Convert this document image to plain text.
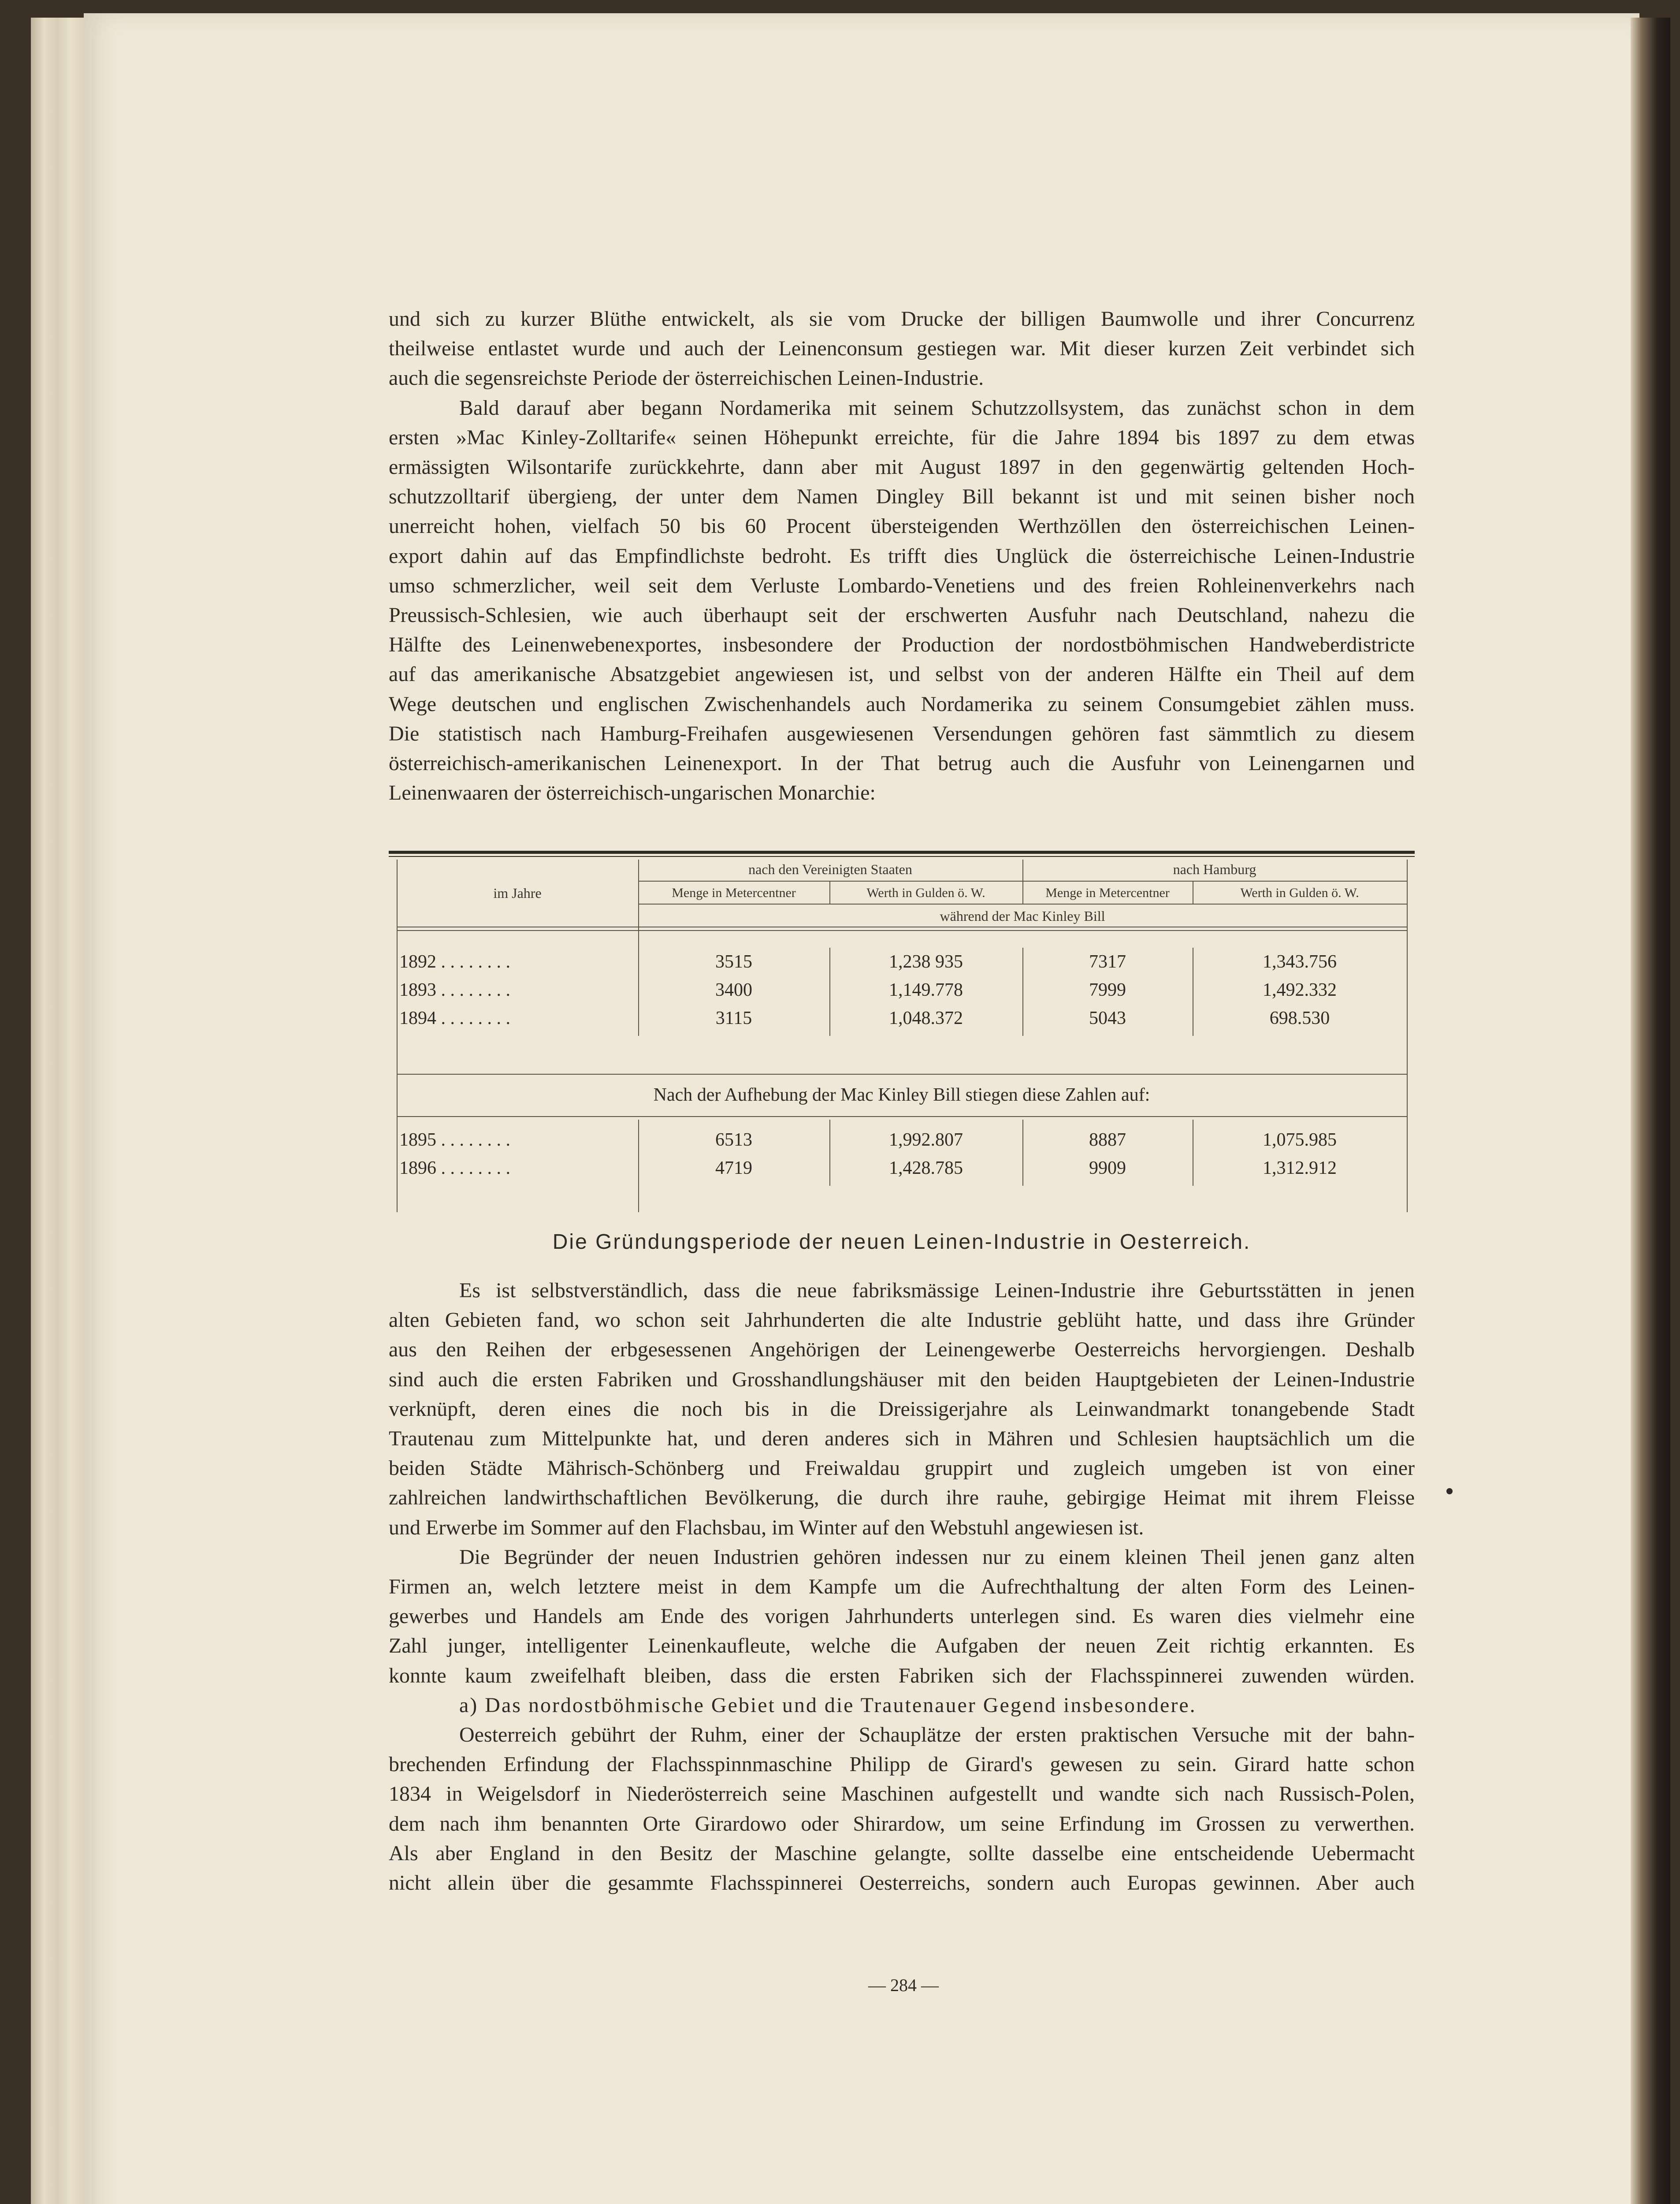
und sich zu kurzer Blüthe entwickelt, als sie vom Drucke der billigen Baumwolle und ihrer Concurrenz

theilweise entlastet wurde und auch der Leinenconsum gestiegen war. Mit dieser kurzen Zeit verbindet sich

auch die segensreichste Periode der österreichischen Leinen-Industrie.

Bald darauf aber begann Nordamerika mit seinem Schutzzollsystem, das zunächst schon in dem

ersten »Mac Kinley-Zolltarife« seinen Höhepunkt erreichte, für die Jahre 1894 bis 1897 zu dem etwas

ermässigten Wilsontarife zurückkehrte, dann aber mit August 1897 in den gegenwärtig geltenden Hoch-

schutzzolltarif übergieng, der unter dem Namen Dingley Bill bekannt ist und mit seinen bisher noch

unerreicht hohen, vielfach 50 bis 60 Procent übersteigenden Werthzöllen den österreichischen Leinen-

export dahin auf das Empfindlichste bedroht. Es trifft dies Unglück die österreichische Leinen-Industrie

umso schmerzlicher, weil seit dem Verluste Lombardo-Venetiens und des freien Rohleinenverkehrs nach

Preussisch-Schlesien, wie auch überhaupt seit der erschwerten Ausfuhr nach Deutschland, nahezu die

Hälfte des Leinenwebenexportes, insbesondere der Production der nordostböhmischen Handweberdistricte

auf das amerikanische Absatzgebiet angewiesen ist, und selbst von der anderen Hälfte ein Theil auf dem

Wege deutschen und englischen Zwischenhandels auch Nordamerika zu seinem Consumgebiet zählen muss.

Die statistisch nach Hamburg-Freihafen ausgewiesenen Versendungen gehören fast sämmtlich zu diesem

österreichisch-amerikanischen Leinenexport. In der That betrug auch die Ausfuhr von Leinengarnen und

Leinenwaaren der österreichisch-ungarischen Monarchie:

im Jahre
nach den Vereinigten Staaten	nach Hamburg
Menge in Metercentner	Werth in Gulden ö. W.	Menge in Metercentner	Werth in Gulden ö. W.
während der Mac Kinley Bill
1892 . . . . . . . .	3515	1,238 935	7317	1,343.756
1893 . . . . . . . .	3400	1,149.778	7999	1,492.332
1894 . . . . . . . .	3115	1,048.372	5043	698.530
Nach der Aufhebung der Mac Kinley Bill stiegen diese Zahlen auf:
1895 . . . . . . . .	6513	1,992.807	8887	1,075.985
1896 . . . . . . . .	4719	1,428.785	9909	1,312.912
Die Gründungsperiode der neuen Leinen-Industrie in Oesterreich.

Es ist selbstverständlich, dass die neue fabriksmässige Leinen-Industrie ihre Geburtsstätten in jenen

alten Gebieten fand, wo schon seit Jahrhunderten die alte Industrie geblüht hatte, und dass ihre Gründer

aus den Reihen der erbgesessenen Angehörigen der Leinengewerbe Oesterreichs hervorgiengen. Deshalb

sind auch die ersten Fabriken und Grosshandlungshäuser mit den beiden Hauptgebieten der Leinen-Industrie

verknüpft, deren eines die noch bis in die Dreissigerjahre als Leinwandmarkt tonangebende Stadt

Trautenau zum Mittelpunkte hat, und deren anderes sich in Mähren und Schlesien hauptsächlich um die

beiden Städte Mährisch-Schönberg und Freiwaldau gruppirt und zugleich umgeben ist von einer

zahlreichen landwirthschaftlichen Bevölkerung, die durch ihre rauhe, gebirgige Heimat mit ihrem Fleisse

und Erwerbe im Sommer auf den Flachsbau, im Winter auf den Webstuhl angewiesen ist.

Die Begründer der neuen Industrien gehören indessen nur zu einem kleinen Theil jenen ganz alten

Firmen an, welch letztere meist in dem Kampfe um die Aufrechthaltung der alten Form des Leinen-

gewerbes und Handels am Ende des vorigen Jahrhunderts unterlegen sind. Es waren dies vielmehr eine

Zahl junger, intelligenter Leinenkaufleute, welche die Aufgaben der neuen Zeit richtig erkannten. Es

konnte kaum zweifelhaft bleiben, dass die ersten Fabriken sich der Flachsspinnerei zuwenden würden.

a) Das nordostböhmische Gebiet und die Trautenauer Gegend insbesondere.

Oesterreich gebührt der Ruhm, einer der Schauplätze der ersten praktischen Versuche mit der bahn-

brechenden Erfindung der Flachsspinnmaschine Philipp de Girard's gewesen zu sein. Girard hatte schon

1834 in Weigelsdorf in Niederösterreich seine Maschinen aufgestellt und wandte sich nach Russisch-Polen,

dem nach ihm benannten Orte Girardowo oder Shirardow, um seine Erfindung im Grossen zu verwerthen.

Als aber England in den Besitz der Maschine gelangte, sollte dasselbe eine entscheidende Uebermacht

nicht allein über die gesammte Flachsspinnerei Oesterreichs, sondern auch Europas gewinnen. Aber auch

— 284 —
